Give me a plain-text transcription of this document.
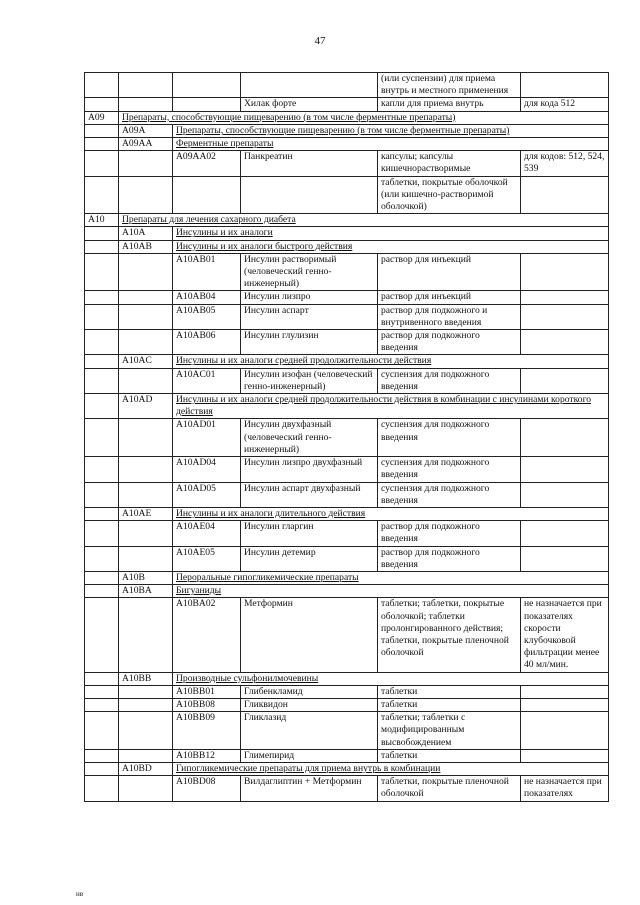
47
				(или суспензии) для приема внутрь и местного применения	
			Хилак форте	капли для приема внутрь	для кода 512
A09	Препараты, способствующие пищеварению (в том числе ферментные препараты)				
	A09A	Препараты, способствующие пищеварению (в том числе ферментные препараты)			
	A09AA	Ферментные препараты			
		A09AA02	Панкреатин	капсулы; капсулы кишечнорастворимые	для кодов: 512, 524, 539
				таблетки, покрытые оболочкой (или кишечно-растворимой оболочкой)	
A10	Препараты для лечения сахарного диабета				
	A10A	Инсулины и их аналоги			
	A10AB	Инсулины и их аналоги быстрого действия			
		A10AB01	Инсулин растворимый (человеческий генно-инженерный)	раствор для инъекций	
		A10AB04	Инсулин лизпро	раствор для инъекций	
		A10AB05	Инсулин аспарт	раствор для подкожного и внутривенного введения	
		A10AB06	Инсулин глулизин	раствор для подкожного введения	
	A10AC	Инсулины и их аналоги средней продолжительности действия			
		A10AC01	Инсулин изофан (человеческий генно-инженерный)	суспензия для подкожного введения	
	A10AD	Инсулины и их аналоги средней продолжительности действия в комбинации с инсулинами короткого действия			
		A10AD01	Инсулин двухфазный (человеческий генно-инженерный)	суспензия для подкожного введения	
		A10AD04	Инсулин лизпро двухфазный	суспензия для подкожного введения	
		A10AD05	Инсулин аспарт двухфазный	суспензия для подкожного введения	
	A10AE	Инсулины и их аналоги длительного действия			
		A10AE04	Инсулин гларгин	раствор для подкожного введения	
		A10AE05	Инсулин детемир	раствор для подкожного введения	
	A10B	Пероральные гипогликемические препараты			
	A10BA	Бигуаниды			
		A10BA02	Метформин	таблетки; таблетки, покрытые оболочкой; таблетки пролонгированного действия; таблетки, покрытые пленочной оболочкой	не назначается при показателях скорости клубочковой фильтрации менее 40 мл/мин.
	A10BB	Производные сульфонилмочевины			
		A10BB01	Глибенкламид	таблетки	
		A10BB08	Гликвидон	таблетки	
		A10BB09	Гликлазид	таблетки; таблетки с модифицированным высвобождением	
		A10BB12	Глимепирид	таблетки	
	A10BD	Гипогликемические препараты для приема внутрь в комбинации			
		A10BD08	Вилдаглиптин + Метформин	таблетки, покрытые пленочной оболочкой	не назначается при показателях
нв
